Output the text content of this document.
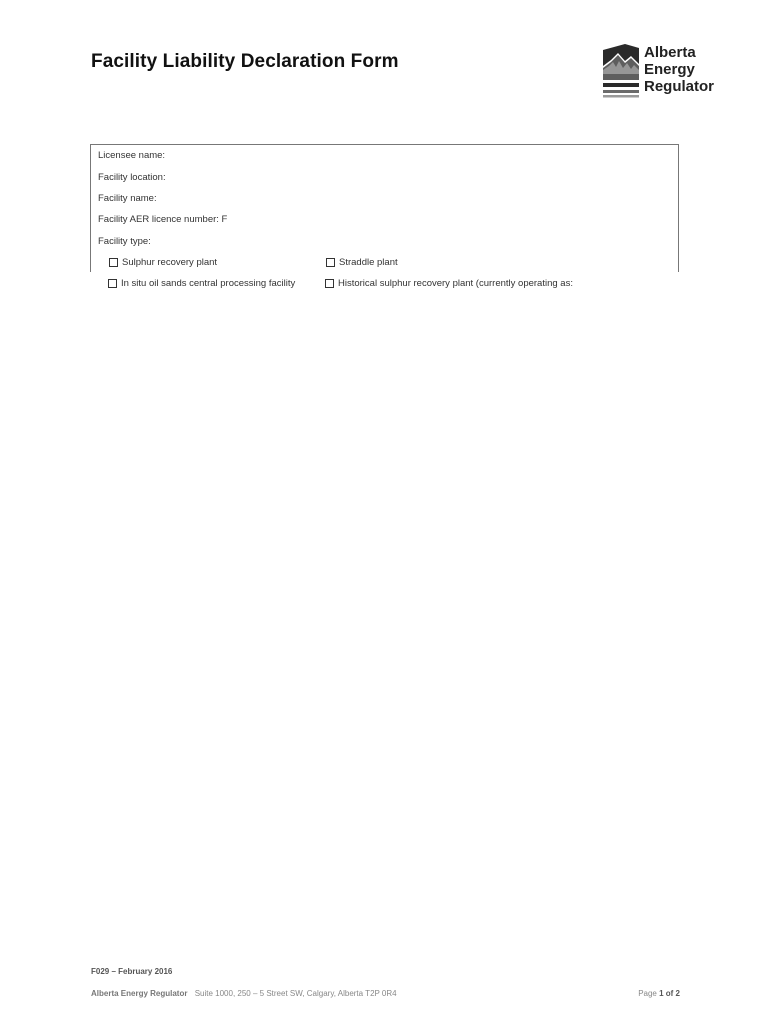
Facility Liability Declaration Form	Alberta
Energy
Regulator
Licensee name:
Facility location:
Facility name:
Facility AER licence number: F
Facility type:
Sulphur recovery plant	Straddle plant
In situ oil sands central processing facility	Historical sulphur recovery plant (currently operating as:
F029 – February 2016
Alberta Energy Regulator Suite 1000, 250 – 5 Street SW, Calgary, Alberta T2P 0R4	Page 1 of 2
